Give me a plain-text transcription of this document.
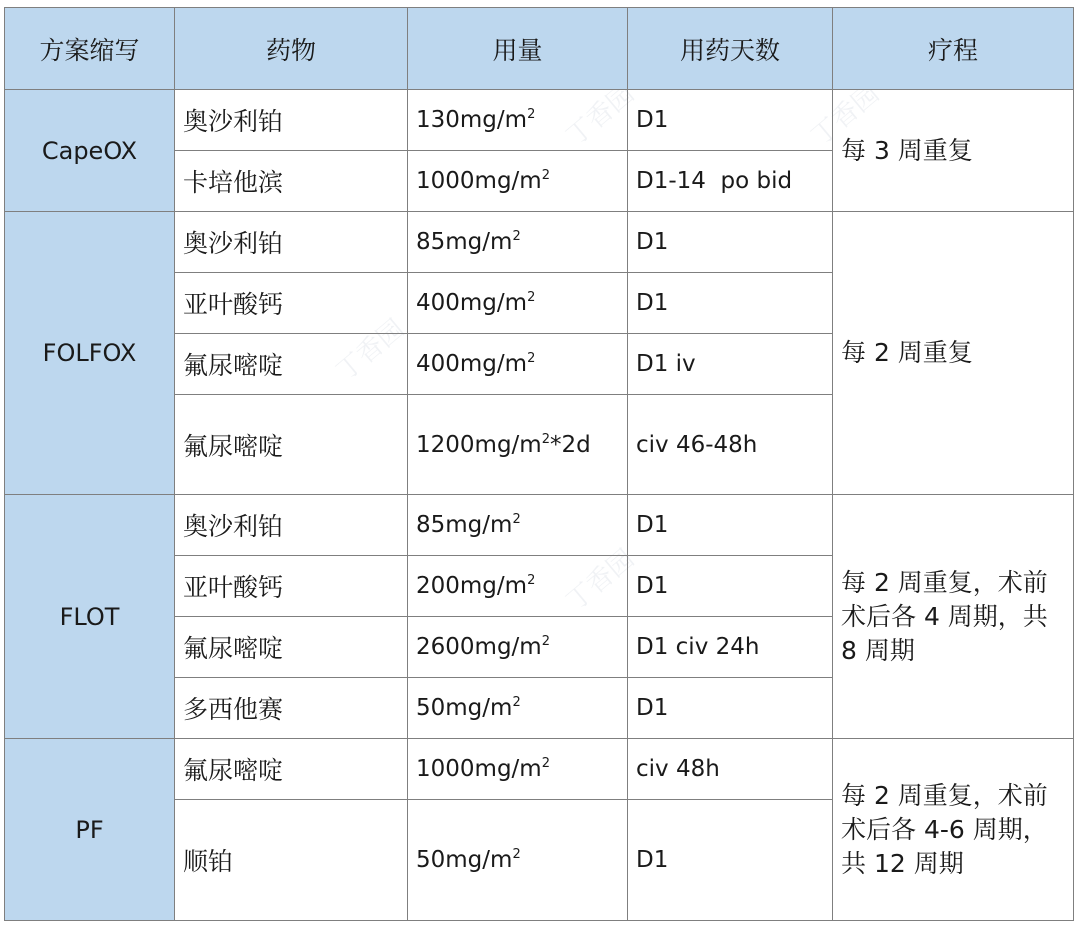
丁香园	丁香园
丁香园
丁香园
方案缩写	药物	用量	用药天数	疗程
CapeOX	奥沙利铂	$130mg/m^2$	D1	每 3 周重复
	卡培他滨	$1000mg/m^2$	D1-14  po bid	
FOLFOX	奥沙利铂	$85mg/m^2$	D1	每 2 周重复
	亚叶酸钙	$400mg/m^2$	D1	
	氟尿嘧啶	$400mg/m^2$	D1 iv	
	氟尿嘧啶	$1200mg/m^2*2d$	civ 46-48h	
FLOT	奥沙利铂	$85mg/m^2$	D1	每 2 周重复，术前术后各 4 周期，共 8 周期
	亚叶酸钙	$200mg/m^2$	D1	
	氟尿嘧啶	$2600mg/m^2$	D1 civ 24h	
	多西他赛	$50mg/m^2$	D1	
PF	氟尿嘧啶	$1000mg/m^2$	civ 48h	每 2 周重复，术前术后各 4-6 周期，共 12 周期
	顺铂	$50mg/m^2$	D1	
